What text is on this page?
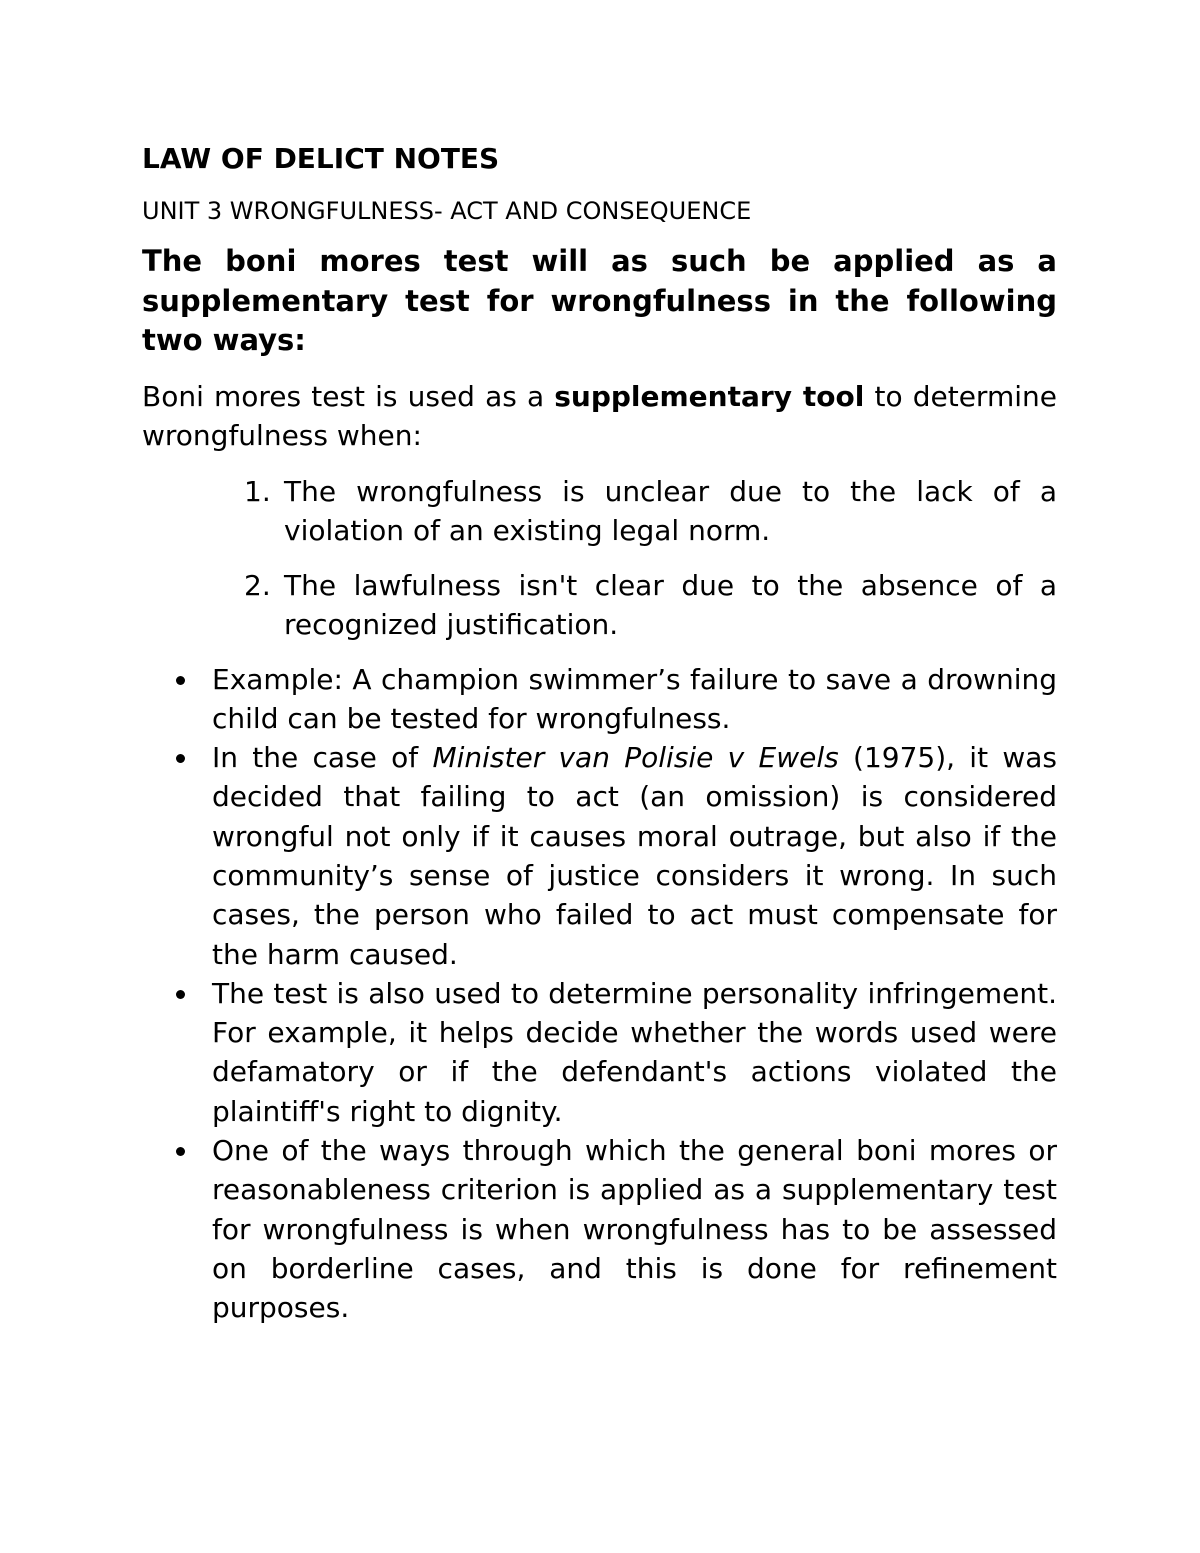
LAW OF DELICT NOTES

UNIT 3 WRONGFULNESS- ACT AND CONSEQUENCE

The boni mores test will as such be applied as a supplementary test for wrongfulness in the following two ways:

Boni mores test is used as a supplementary tool to determine wrongfulness when:

1. The wrongfulness is unclear due to the lack of a violation of an existing legal norm.
2. The lawfulness isn't clear due to the absence of a recognized justification.
Example: A champion swimmer’s failure to save a drowning child can be tested for wrongfulness.
In the case of Minister van Polisie v Ewels (1975), it was decided that failing to act (an omission) is considered wrongful not only if it causes moral outrage, but also if the community’s sense of justice considers it wrong. In such cases, the person who failed to act must compensate for the harm caused.
The test is also used to determine personality infringement. For example, it helps decide whether the words used were defamatory or if the defendant's actions violated the plaintiff's right to dignity.
One of the ways through which the general boni mores or reasonableness criterion is applied as a supplementary test for wrongfulness is when wrongfulness has to be assessed on borderline cases, and this is done for refinement purposes.
